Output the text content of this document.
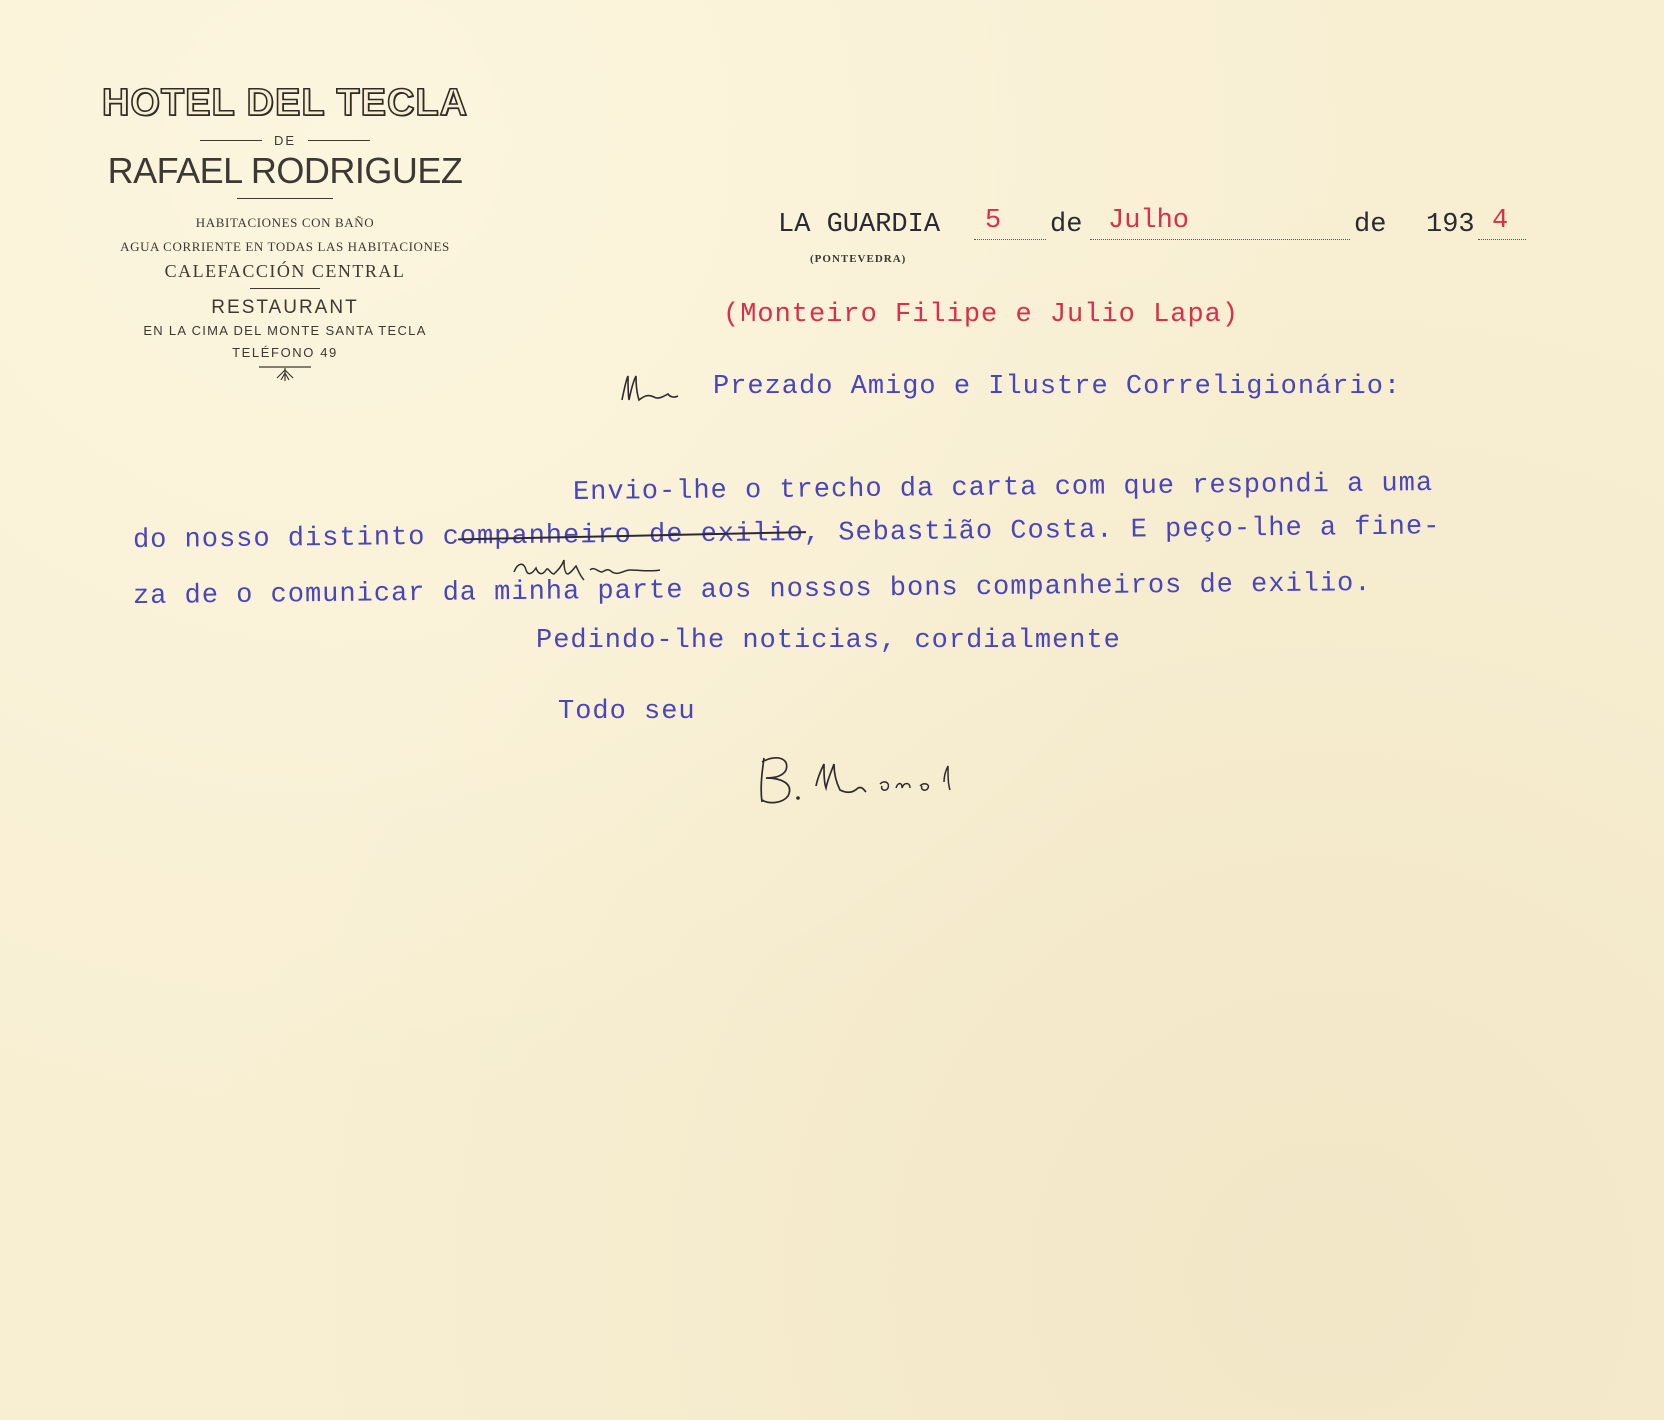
HOTEL DEL TECLA
DE
RAFAEL RODRIGUEZ
HABITACIONES CON BAÑO
AGUA CORRIENTE EN TODAS LAS HABITACIONES
CALEFACCIÓN CENTRAL
RESTAURANT
EN LA CIMA DEL MONTE SANTA TECLA
TELÉFONO 49
LA GUARDIA 5 de Julho	de 193 4
(PONTEVEDRA)
(Monteiro Filipe e Julio Lapa)
Prezado Amigo e Ilustre Correligionário:
Envio-lhe o trecho da carta com que respondi a uma
do nosso distinto companheiro de exilio, Sebastião Costa. E peço-lhe a fine-
za de o comunicar da minha parte aos nossos bons companheiros de exilio.
Pedindo-lhe noticias, cordialmente
Todo seu
